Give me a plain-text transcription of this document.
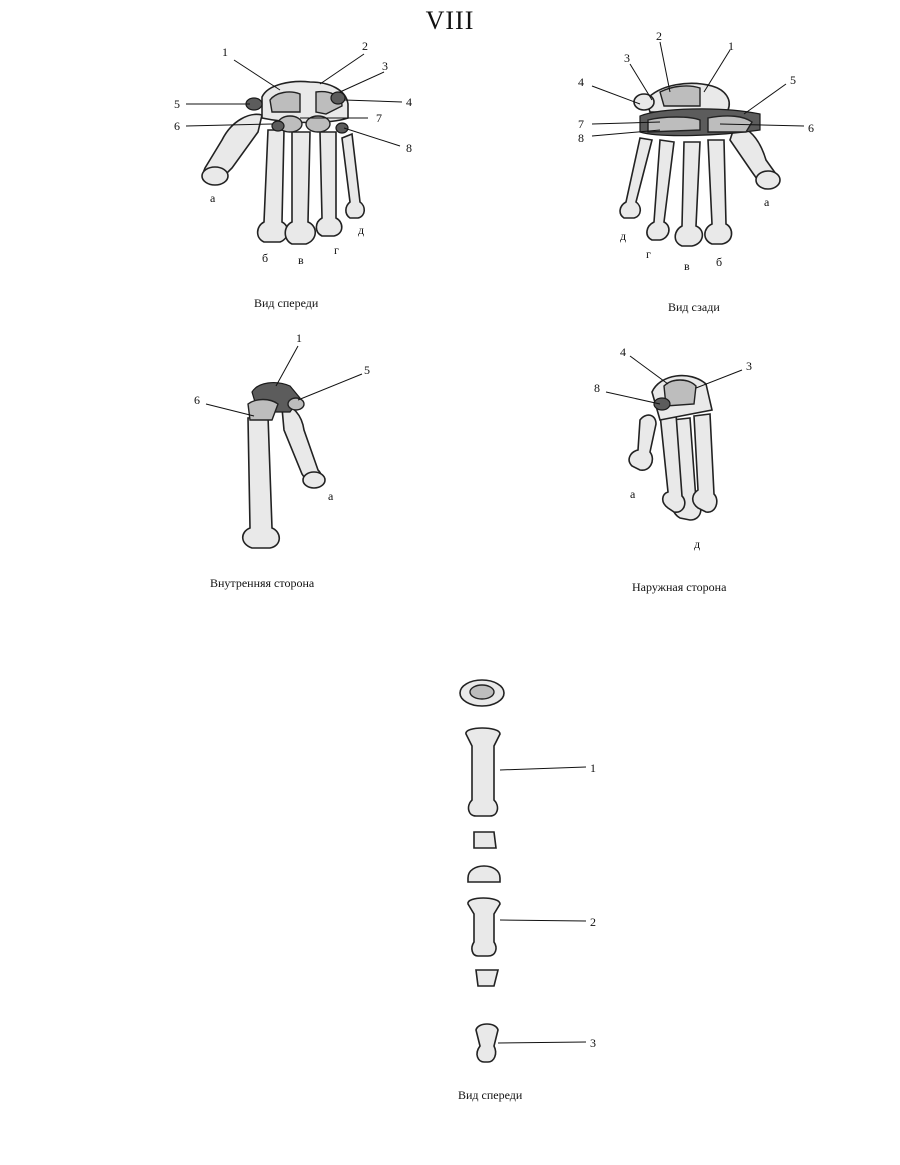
VIII
1	2
3
4
5
6
7
8
а
б в
г
д
Вид спереди
1
2
3
4	5
6
7
8
а
б
в
г
д
Вид сзади
1
5
6
а
Внутренняя сторона
4
3
8
а
д
Наружная сторона
1
2
3
Вид спереди
